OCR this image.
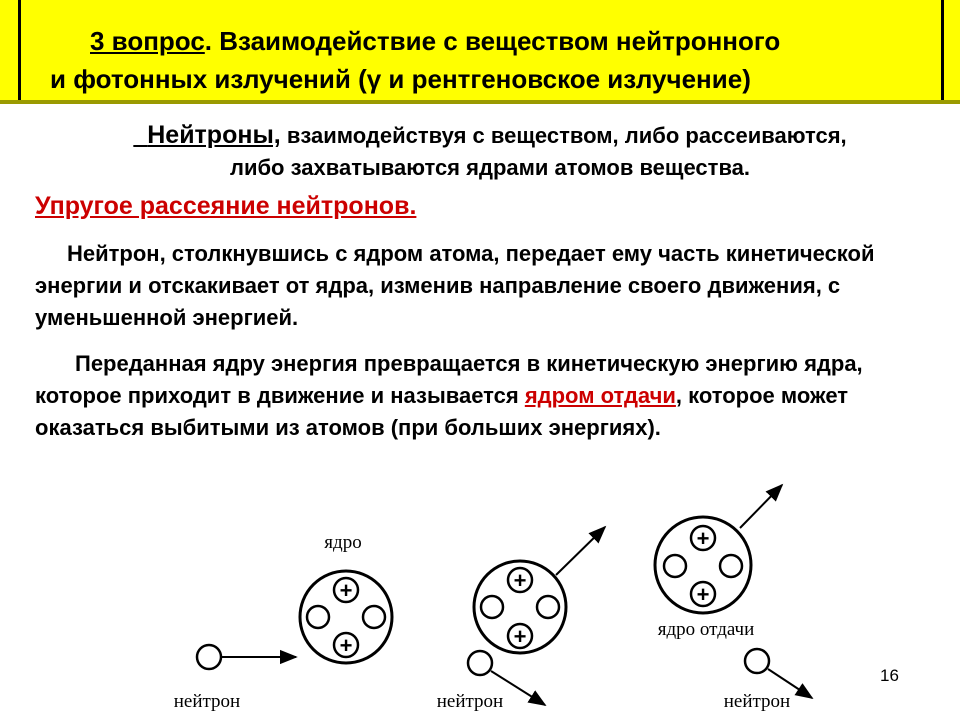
3 вопрос. Взаимодействие с веществом нейтронного
и фотонных излучений (γ и рентгеновское излучение)
Нейтроны, взаимодействуя с веществом, либо рассеиваются,
либо захватываются ядрами атомов вещества.
Упругое рассеяние нейтронов.
Нейтрон, столкнувшись с ядром атома, передает ему часть кинетической энергии и отскакивает от ядра, изменив направление своего движения, с уменьшенной энергией.
Переданная ядру энергия превращается в кинетическую энергию ядра, которое приходит в движение и называется ядром отдачи, которое может оказаться выбитыми из атомов (при больших энергиях).
+
+
ядро
нейтрон
+
+
нейтрон
+
+
ядро отдачи
нейтрон
16
